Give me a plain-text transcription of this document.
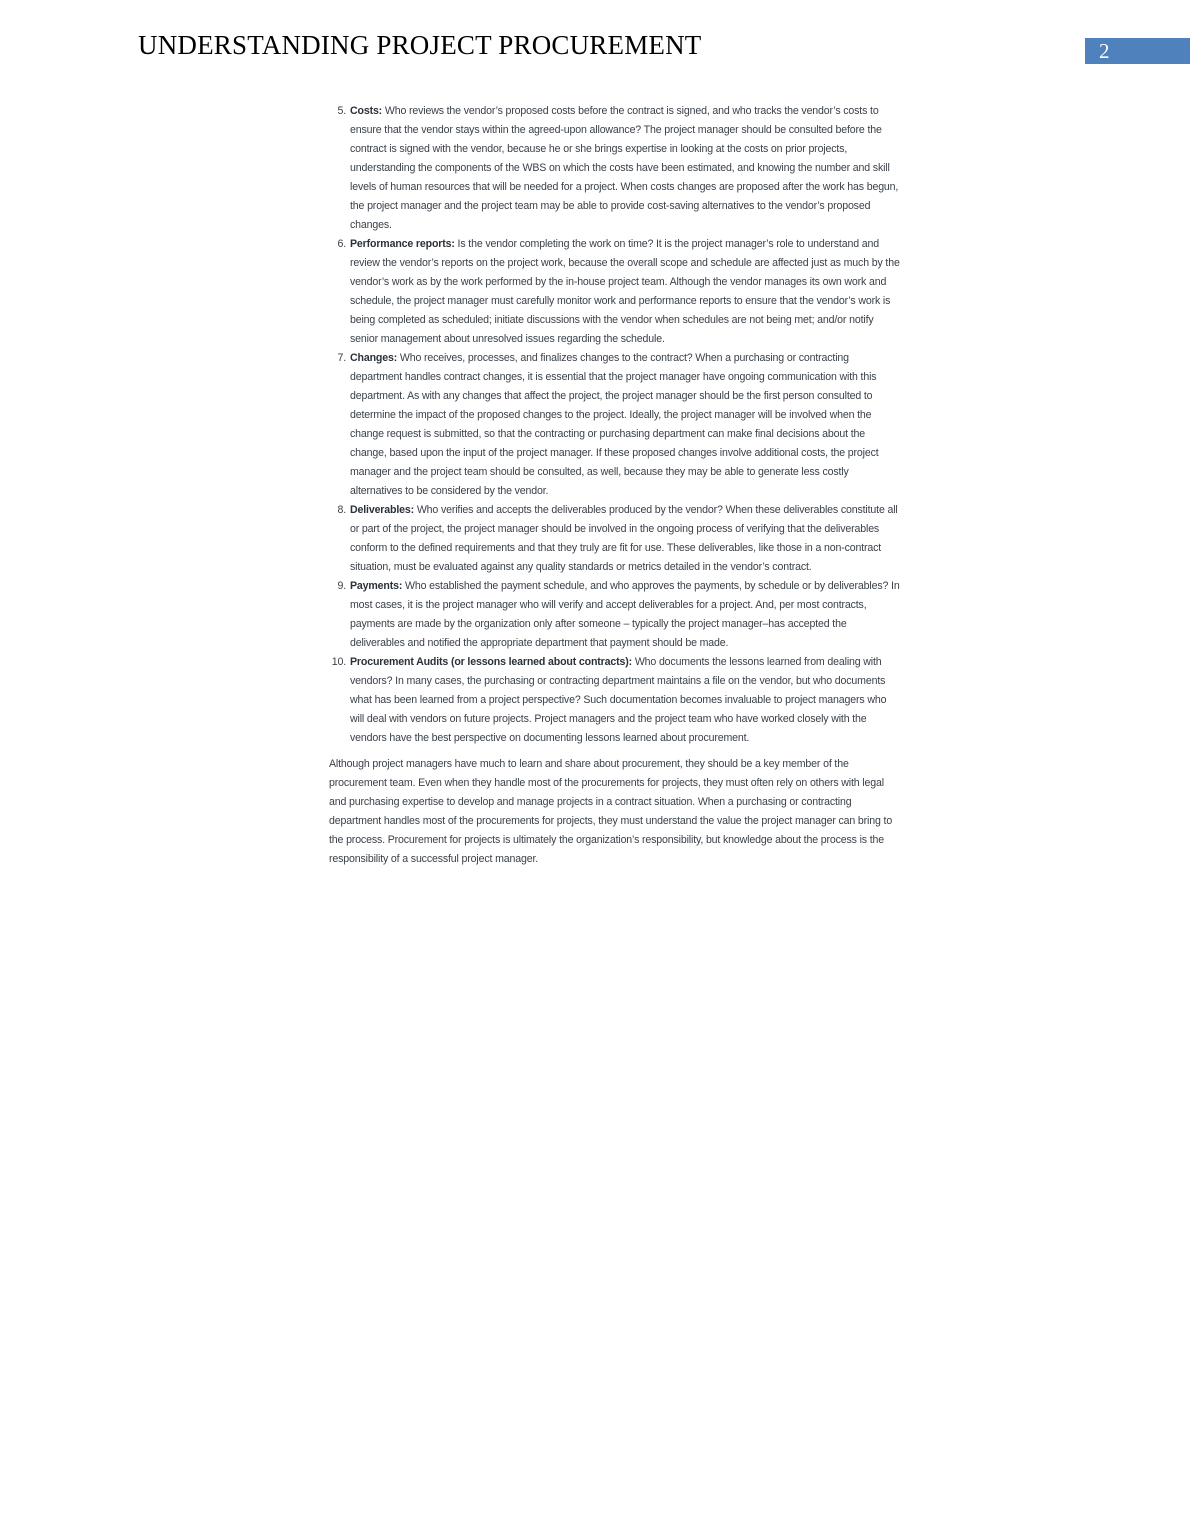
UNDERSTANDING PROJECT PROCUREMENT	2
5. Costs: Who reviews the vendor’s proposed costs before the contract is signed, and who tracks the vendor’s costs to ensure that the vendor stays within the agreed-upon allowance? The project manager should be consulted before the contract is signed with the vendor, because he or she brings expertise in looking at the costs on prior projects, understanding the components of the WBS on which the costs have been estimated, and knowing the number and skill levels of human resources that will be needed for a project. When costs changes are proposed after the work has begun, the project manager and the project team may be able to provide cost-saving alternatives to the vendor’s proposed changes.
6. Performance reports: Is the vendor completing the work on time? It is the project manager’s role to understand and review the vendor’s reports on the project work, because the overall scope and schedule are affected just as much by the vendor’s work as by the work performed by the in-house project team. Although the vendor manages its own work and schedule, the project manager must carefully monitor work and performance reports to ensure that the vendor’s work is being completed as scheduled; initiate discussions with the vendor when schedules are not being met; and/or notify senior management about unresolved issues regarding the schedule.
7. Changes: Who receives, processes, and finalizes changes to the contract? When a purchasing or contracting department handles contract changes, it is essential that the project manager have ongoing communication with this department. As with any changes that affect the project, the project manager should be the first person consulted to determine the impact of the proposed changes to the project. Ideally, the project manager will be involved when the change request is submitted, so that the contracting or purchasing department can make final decisions about the change, based upon the input of the project manager. If these proposed changes involve additional costs, the project manager and the project team should be consulted, as well, because they may be able to generate less costly alternatives to be considered by the vendor.
8. Deliverables: Who verifies and accepts the deliverables produced by the vendor? When these deliverables constitute all or part of the project, the project manager should be involved in the ongoing process of verifying that the deliverables conform to the defined requirements and that they truly are fit for use. These deliverables, like those in a non-contract situation, must be evaluated against any quality standards or metrics detailed in the vendor’s contract.
9. Payments: Who established the payment schedule, and who approves the payments, by schedule or by deliverables? In most cases, it is the project manager who will verify and accept deliverables for a project. And, per most contracts, payments are made by the organization only after someone – typically the project manager–has accepted the deliverables and notified the appropriate department that payment should be made.
10. Procurement Audits (or lessons learned about contracts): Who documents the lessons learned from dealing with vendors? In many cases, the purchasing or contracting department maintains a file on the vendor, but who documents what has been learned from a project perspective? Such documentation becomes invaluable to project managers who will deal with vendors on future projects. Project managers and the project team who have worked closely with the vendors have the best perspective on documenting lessons learned about procurement.
Although project managers have much to learn and share about procurement, they should be a key member of the procurement team. Even when they handle most of the procurements for projects, they must often rely on others with legal and purchasing expertise to develop and manage projects in a contract situation. When a purchasing or contracting department handles most of the procurements for projects, they must understand the value the project manager can bring to the process. Procurement for projects is ultimately the organization’s responsibility, but knowledge about the process is the responsibility of a successful project manager.
